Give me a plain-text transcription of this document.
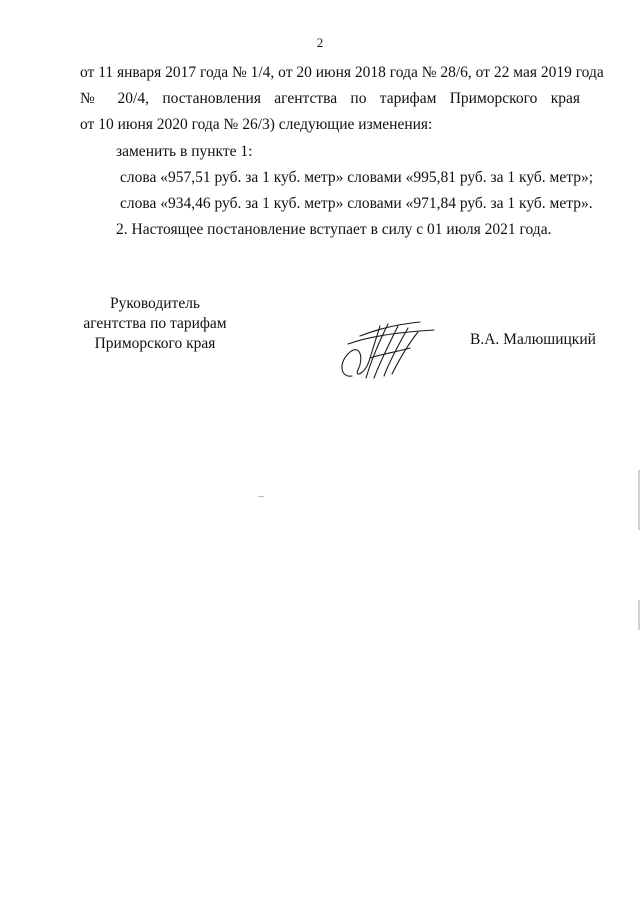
2
от 11 января 2017 года № 1/4, от 20 июня 2018 года № 28/6, от 22 мая 2019 года
№ 20/4, постановления агентства по тарифам Приморского края
от 10 июня 2020 года № 26/3) следующие изменения:
заменить в пункте 1:
слова «957,51 руб. за 1 куб. метр» словами «995,81 руб. за 1 куб. метр»;
слова «934,46 руб. за 1 куб. метр» словами «971,84 руб. за 1 куб. метр».
2. Настоящее постановление вступает в силу с 01 июля 2021 года.
Руководитель
агентства по тарифам
Приморского края	В.А. Малюшицкий
